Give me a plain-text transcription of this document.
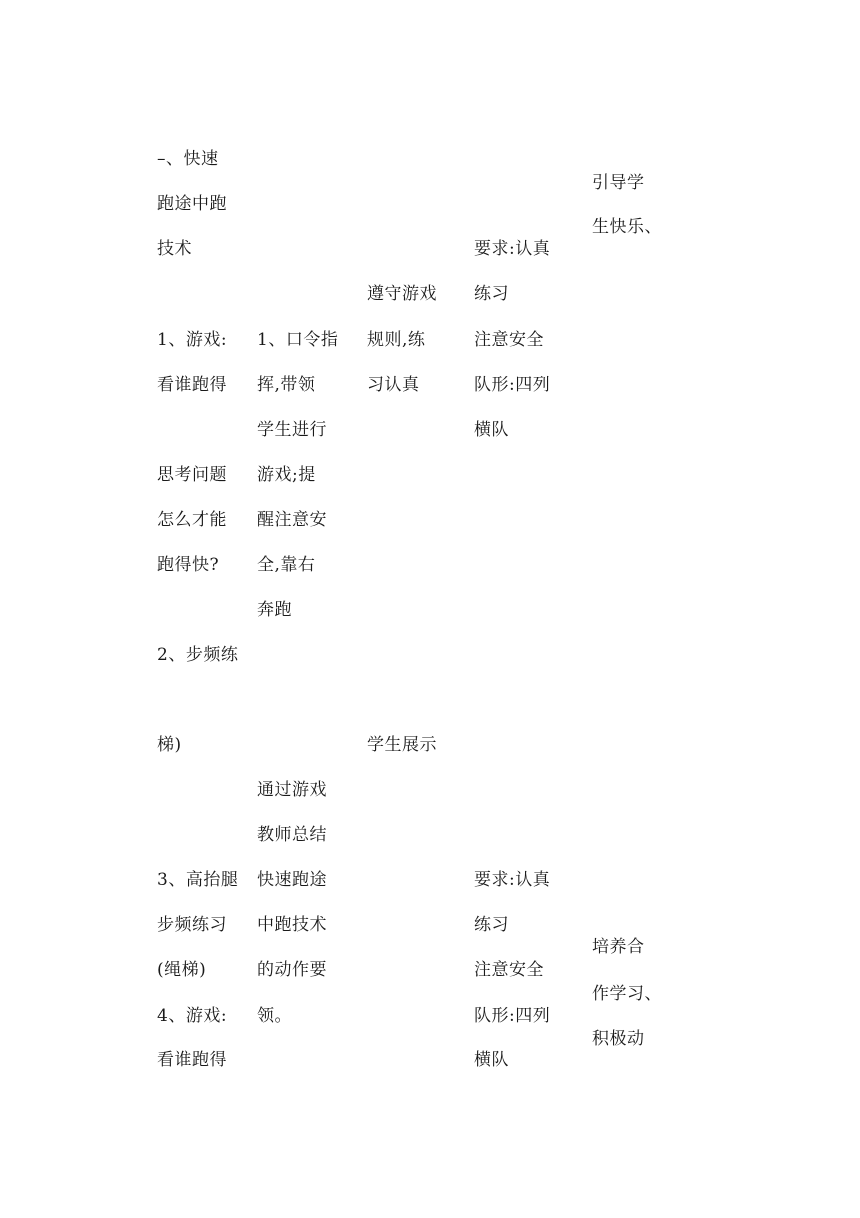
–、快速
跑途中跑
技术
1、游戏:
看谁跑得
思考问题
怎么才能
跑得快?
2、步频练
梯)
3、高抬腿
步频练习
(绳梯)
4、游戏:
看谁跑得
1、口令指
挥,带领
学生进行
游戏;提
醒注意安
全,靠右
奔跑
通过游戏
教师总结
快速跑途
中跑技术
的动作要
领。
遵守游戏
规则,练
习认真
学生展示
要求:认真
练习
注意安全
队形:四列
横队
要求:认真
练习
注意安全
队形:四列
横队
引导学
生快乐、
培养合
作学习、
积极动
